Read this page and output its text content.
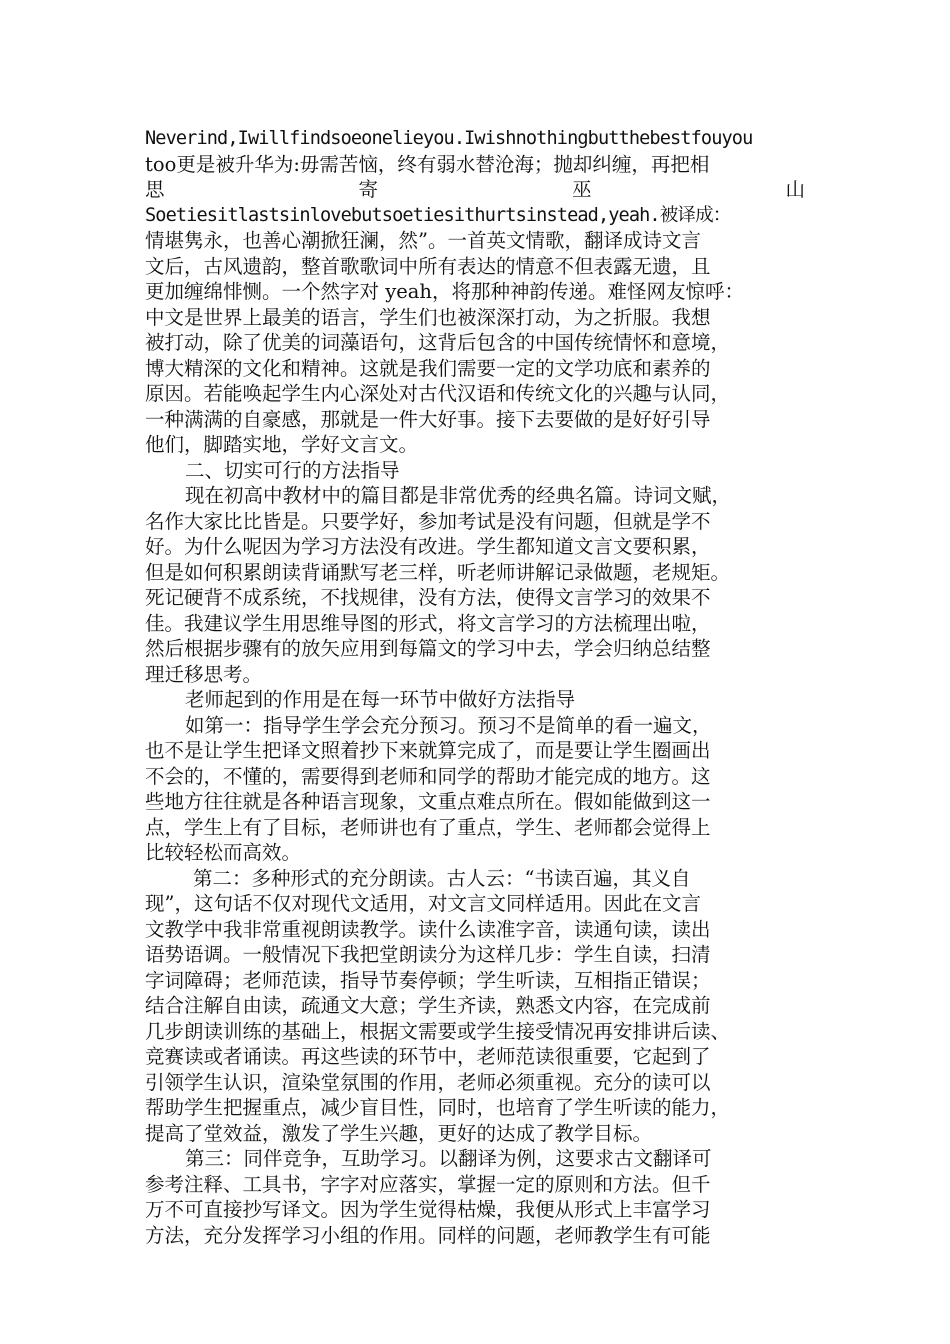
Neverind,Iwillfindsoeonelieyou.Iwishnothingbutthebestfouyou
too更是被升华为:毋需苦恼，终有弱水替沧海；抛却纠缠，再把相
思	寄	巫	山
Soetiesitlastsinlovebutsoetiesithurtsinstead,yeah.被译成：
情堪隽永，也善心潮掀狂澜，然”。一首英文情歌，翻译成诗文言
文后，古风遗韵，整首歌歌词中所有表达的情意不但表露无遗，且
更加缠绵悱恻。一个然字对 yeah，将那种神韵传递。难怪网友惊呼：
中文是世界上最美的语言，学生们也被深深打动，为之折服。我想
被打动，除了优美的词藻语句，这背后包含的中国传统情怀和意境，
博大精深的文化和精神。这就是我们需要一定的文学功底和素养的
原因。若能唤起学生内心深处对古代汉语和传统文化的兴趣与认同，
一种满满的自豪感，那就是一件大好事。接下去要做的是好好引导
他们，脚踏实地，学好文言文。
二、切实可行的方法指导
现在初高中教材中的篇目都是非常优秀的经典名篇。诗词文赋，
名作大家比比皆是。只要学好，参加考试是没有问题，但就是学不
好。为什么呢因为学习方法没有改进。学生都知道文言文要积累，
但是如何积累朗读背诵默写老三样，听老师讲解记录做题，老规矩。
死记硬背不成系统，不找规律，没有方法，使得文言学习的效果不
佳。我建议学生用思维导图的形式，将文言学习的方法梳理出啦，
然后根据步骤有的放矢应用到每篇文的学习中去，学会归纳总结整
理迁移思考。
老师起到的作用是在每一环节中做好方法指导
如第一：指导学生学会充分预习。预习不是简单的看一遍文，
也不是让学生把译文照着抄下来就算完成了，而是要让学生圈画出
不会的，不懂的，需要得到老师和同学的帮助才能完成的地方。这
些地方往往就是各种语言现象，文重点难点所在。假如能做到这一
点，学生上有了目标，老师讲也有了重点，学生、老师都会觉得上
比较轻松而高效。
第二：多种形式的充分朗读。古人云：“书读百遍，其义自
现”，这句话不仅对现代文适用，对文言文同样适用。因此在文言
文教学中我非常重视朗读教学。读什么读准字音，读通句读，读出
语势语调。一般情况下我把堂朗读分为这样几步：学生自读，扫清
字词障碍；老师范读，指导节奏停顿；学生听读，互相指正错误；
结合注解自由读，疏通文大意；学生齐读，熟悉文内容，在完成前
几步朗读训练的基础上，根据文需要或学生接受情况再安排讲后读、
竞赛读或者诵读。再这些读的环节中，老师范读很重要，它起到了
引领学生认识，渲染堂氛围的作用，老师必须重视。充分的读可以
帮助学生把握重点，减少盲目性，同时，也培育了学生听读的能力，
提高了堂效益，激发了学生兴趣，更好的达成了教学目标。
第三：同伴竞争，互助学习。以翻译为例，这要求古文翻译可
参考注释、工具书，字字对应落实，掌握一定的原则和方法。但千
万不可直接抄写译文。因为学生觉得枯燥，我便从形式上丰富学习
方法，充分发挥学习小组的作用。同样的问题，老师教学生有可能
